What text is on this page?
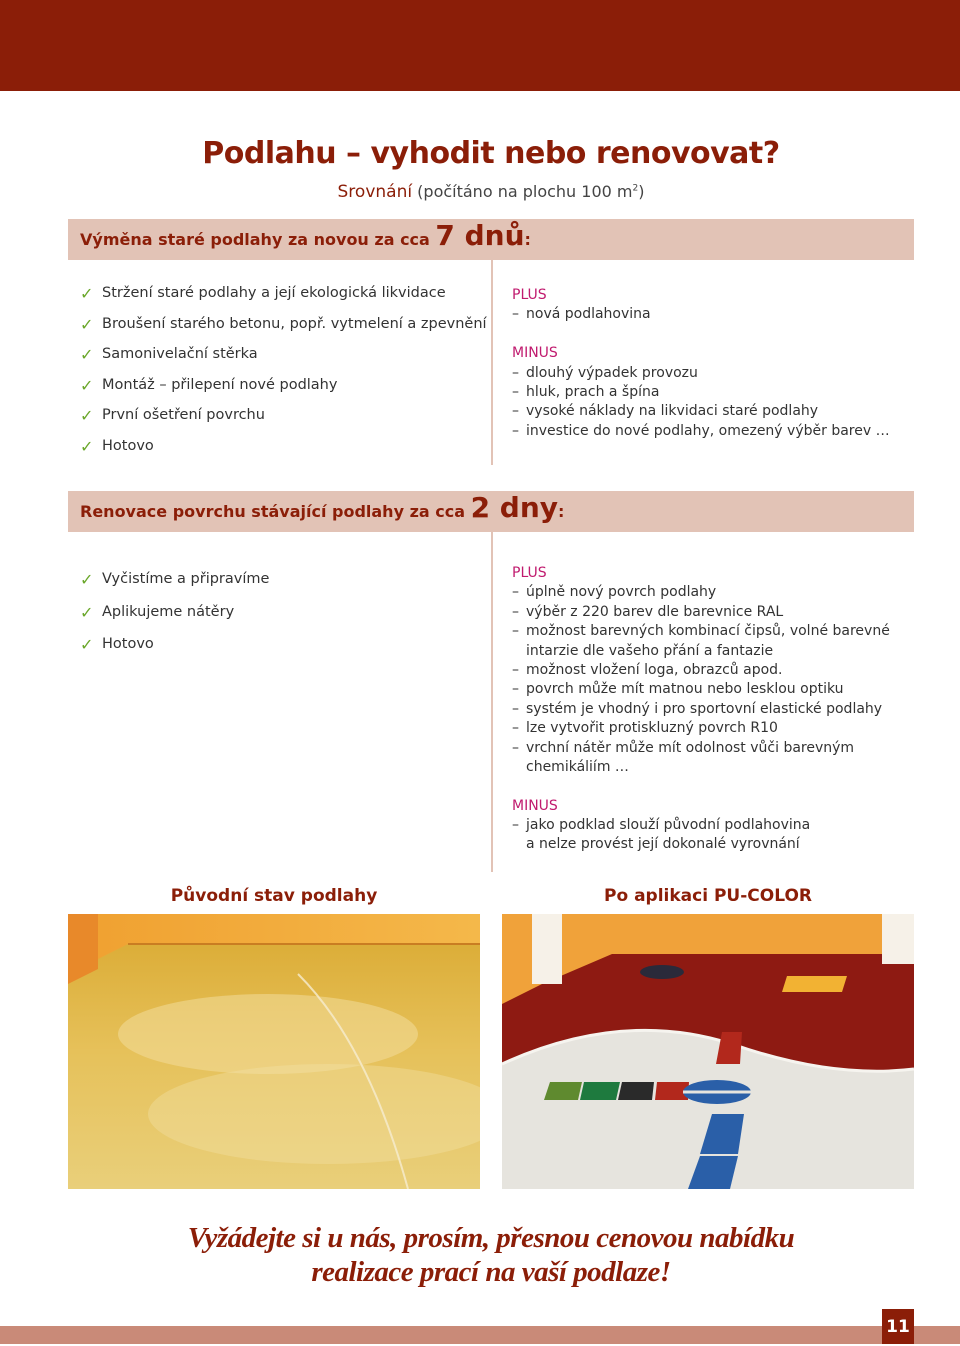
Podlahu – vyhodit nebo renovovat?
Srovnání (počítáno na plochu 100 $m^2$)
Výměna staré podlahy za novou za cca 7 dnů:
✓ Stržení staré podlahy a její ekologická likvidace
✓ Broušení starého betonu, popř. vytmelení a zpevnění
✓ Samonivelační stěrka
✓ Montáž – přilepení nové podlahy
✓ První ošetření povrchu
✓ Hotovo
PLUS
– nová podlahovina
MINUS
– dlouhý výpadek provozu
– hluk, prach a špína
– vysoké náklady na likvidaci staré podlahy
– investice do nové podlahy, omezený výběr barev …
Renovace povrchu stávající podlahy za cca 2 dny:
✓ Vyčistíme a připravíme
✓ Aplikujeme nátěry
✓ Hotovo
PLUS
– úplně nový povrch podlahy
– výběr z 220 barev dle barevnice RAL
– možnost barevných kombinací čipsů, volné barevné
intarzie dle vašeho přání a fantazie
– možnost vložení loga, obrazců apod.
– povrch může mít matnou nebo lesklou optiku
– systém je vhodný i pro sportovní elastické podlahy
– lze vytvořit protiskluzný povrch R10
– vrchní nátěr může mít odolnost vůči barevným
chemikáliím …
MINUS
– jako podklad slouží původní podlahovina
a nelze provést její dokonalé vyrovnání
Původní stav podlahy	Po aplikaci PU-COLOR
Vyžádejte si u nás, prosím, přesnou cenovou nabídku
realizace prací na vaší podlaze!
11
